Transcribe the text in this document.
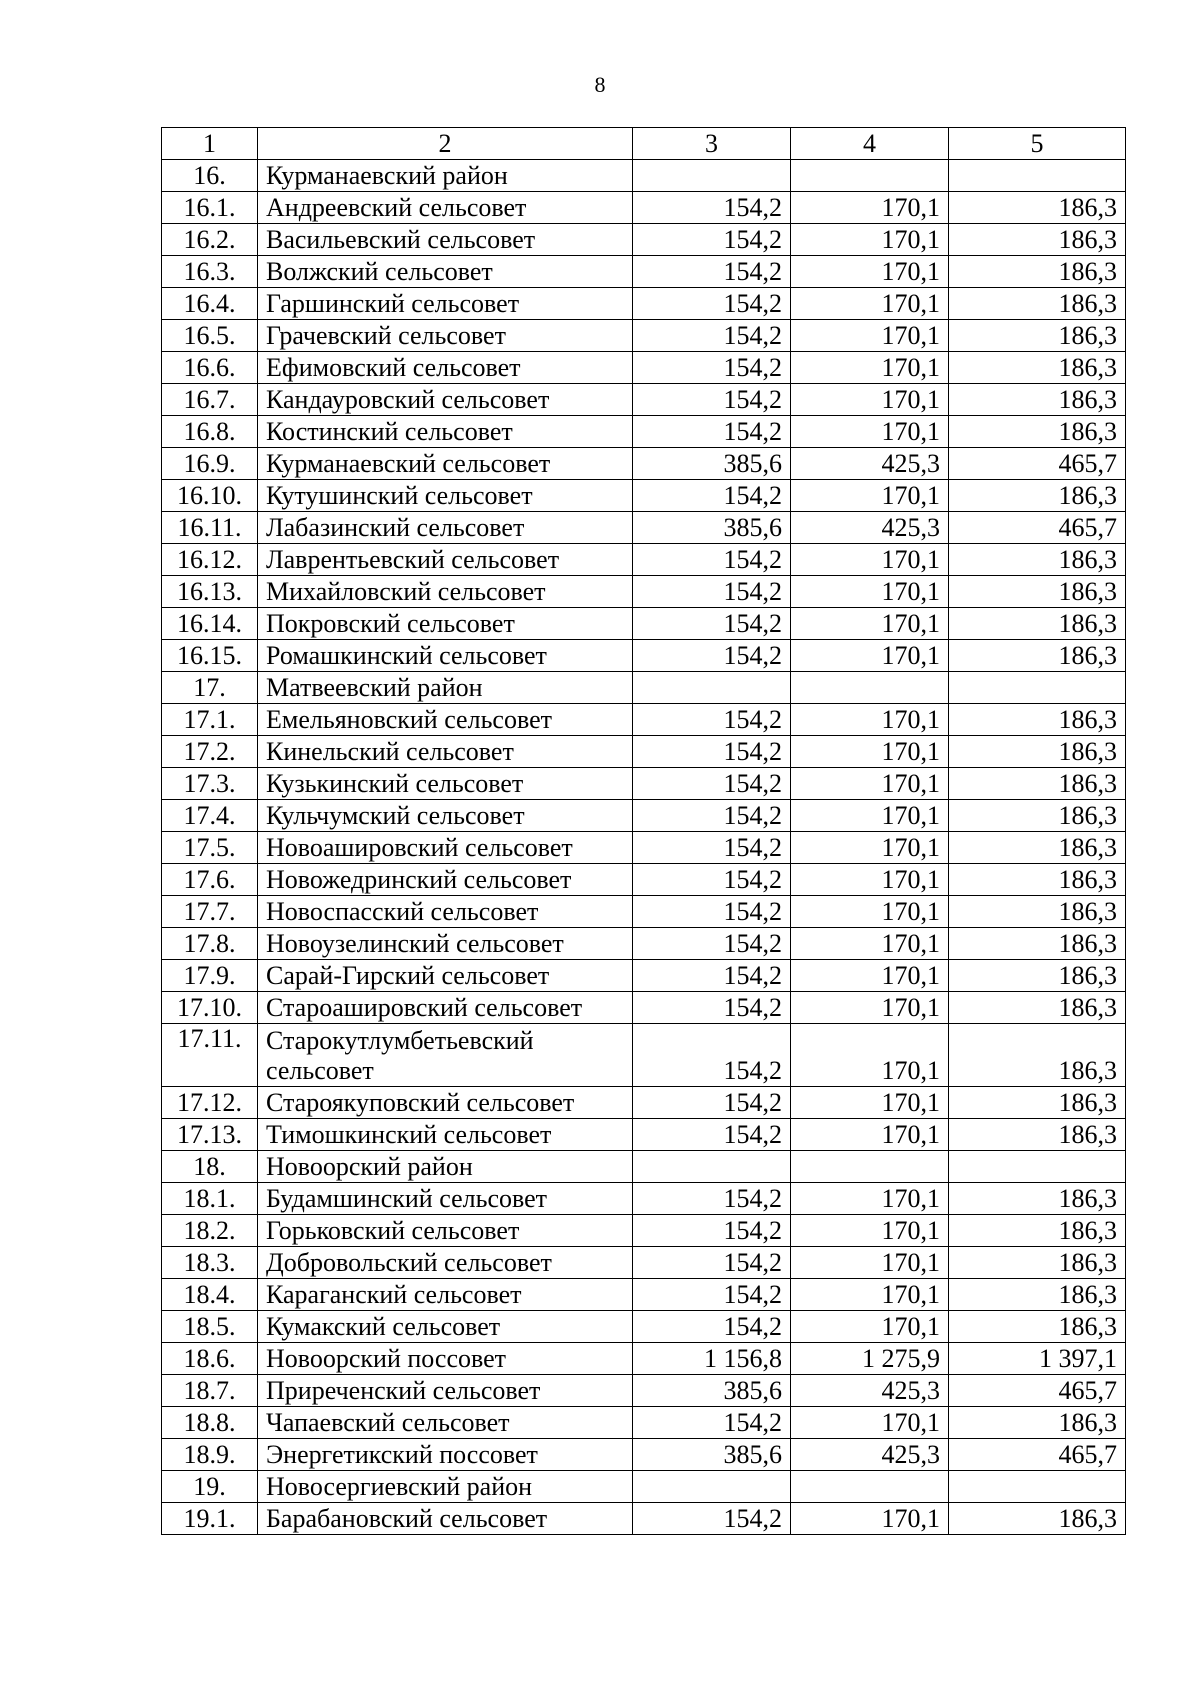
8
1	2	3	4	5
16.	Курманаевский район			
16.1.	Андреевский сельсовет	154,2	170,1	186,3
16.2.	Васильевский сельсовет	154,2	170,1	186,3
16.3.	Волжский сельсовет	154,2	170,1	186,3
16.4.	Гаршинский сельсовет	154,2	170,1	186,3
16.5.	Грачевский сельсовет	154,2	170,1	186,3
16.6.	Ефимовский сельсовет	154,2	170,1	186,3
16.7.	Кандауровский сельсовет	154,2	170,1	186,3
16.8.	Костинский сельсовет	154,2	170,1	186,3
16.9.	Курманаевский сельсовет	385,6	425,3	465,7
16.10.	Кутушинский сельсовет	154,2	170,1	186,3
16.11.	Лабазинский сельсовет	385,6	425,3	465,7
16.12.	Лаврентьевский сельсовет	154,2	170,1	186,3
16.13.	Михайловский сельсовет	154,2	170,1	186,3
16.14.	Покровский сельсовет	154,2	170,1	186,3
16.15.	Ромашкинский сельсовет	154,2	170,1	186,3
17.	Матвеевский район			
17.1.	Емельяновский сельсовет	154,2	170,1	186,3
17.2.	Кинельский сельсовет	154,2	170,1	186,3
17.3.	Кузькинский сельсовет	154,2	170,1	186,3
17.4.	Кульчумский сельсовет	154,2	170,1	186,3
17.5.	Новоашировский сельсовет	154,2	170,1	186,3
17.6.	Новожедринский сельсовет	154,2	170,1	186,3
17.7.	Новоспасский сельсовет	154,2	170,1	186,3
17.8.	Новоузелинский сельсовет	154,2	170,1	186,3
17.9.	Сарай-Гирский сельсовет	154,2	170,1	186,3
17.10.	Староашировский сельсовет	154,2	170,1	186,3
17.11.	Старокутлумбетьевский сельсовет	154,2	170,1	186,3
17.12.	Староякуповский сельсовет	154,2	170,1	186,3
17.13.	Тимошкинский сельсовет	154,2	170,1	186,3
18.	Новоорский район			
18.1.	Будамшинский сельсовет	154,2	170,1	186,3
18.2.	Горьковский сельсовет	154,2	170,1	186,3
18.3.	Добровольский сельсовет	154,2	170,1	186,3
18.4.	Караганский сельсовет	154,2	170,1	186,3
18.5.	Кумакский сельсовет	154,2	170,1	186,3
18.6.	Новоорский поссовет	1 156,8	1 275,9	1 397,1
18.7.	Приреченский сельсовет	385,6	425,3	465,7
18.8.	Чапаевский сельсовет	154,2	170,1	186,3
18.9.	Энергетикский поссовет	385,6	425,3	465,7
19.	Новосергиевский район			
19.1.	Барабановский сельсовет	154,2	170,1	186,3
